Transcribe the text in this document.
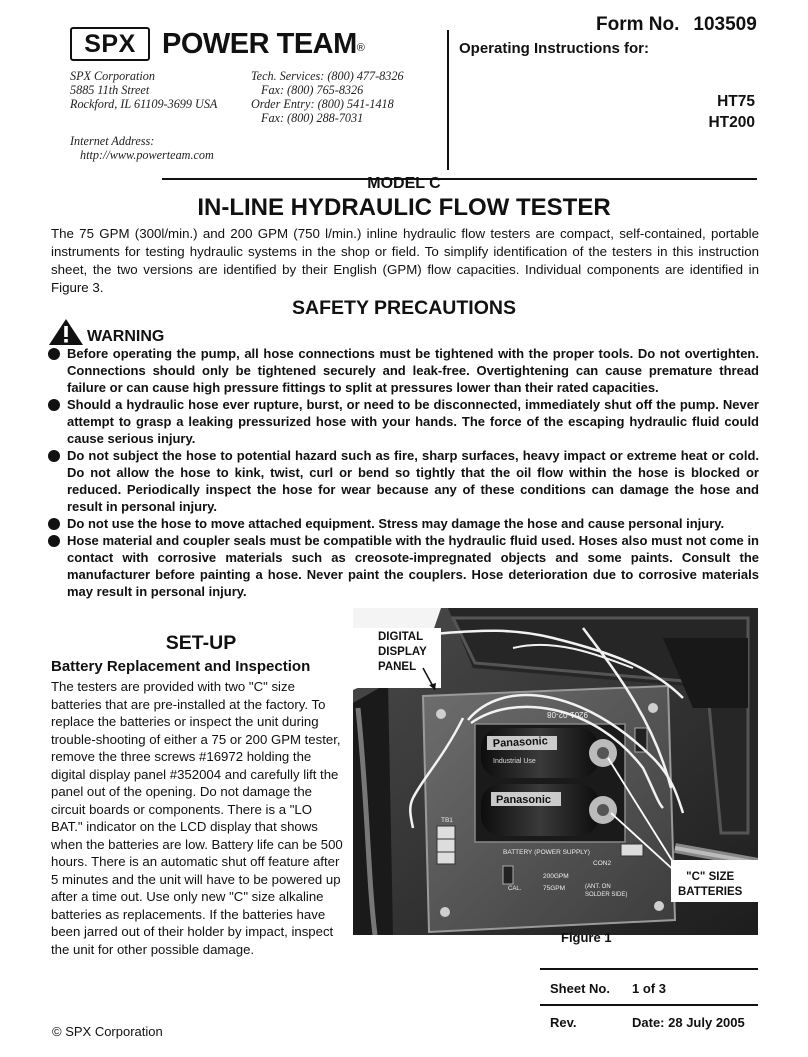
SPX POWER TEAM®
SPX Corporation
5885 11th Street
Rockford, IL 61109-3699 USA
Tech. Services: (800) 477-8326
Fax: (800) 765-8326
Order Entry: (800) 541-1418
Fax: (800) 288-7031
Internet Address:
http://www.powerteam.com
Form No. 103509
Operating Instructions for:
HT75
HT200
MODEL C
IN-LINE HYDRAULIC FLOW TESTER
The 75 GPM (300l/min.) and 200 GPM (750 l/min.) inline hydraulic flow testers are compact, self-contained, portable instruments for testing hydraulic systems in the shop or field. To simplify identification of the testers in this instruction sheet, the two versions are identified by their English (GPM) flow capacities. Individual components are identified in Figure 3.
SAFETY PRECAUTIONS
WARNING
Before operating the pump, all hose connections must be tightened with the proper tools. Do not overtighten. Connections should only be tightened securely and leak-free. Overtightening can cause premature thread failure or can cause high pressure fittings to split at pressures lower than their rated capacities.
Should a hydraulic hose ever rupture, burst, or need to be disconnected, immediately shut off the pump. Never attempt to grasp a leaking pressurized hose with your hands. The force of the escaping hydraulic fluid could cause serious injury.
Do not subject the hose to potential hazard such as fire, sharp surfaces, heavy impact or extreme heat or cold. Do not allow the hose to kink, twist, curl or bend so tightly that the oil flow within the hose is blocked or reduced. Periodically inspect the hose for wear because any of these conditions can damage the hose and result in personal injury.
Do not use the hose to move attached equipment. Stress may damage the hose and cause personal injury.
Hose material and coupler seals must be compatible with the hydraulic fluid used. Hoses also must not come in contact with corrosive materials such as creosote-impregnated objects and some paints. Consult the manufacturer before painting a hose. Never paint the couplers. Hose deterioration due to corrosive materials may result in personal injury.
SET-UP
Battery Replacement and Inspection
The testers are provided with two "C" size batteries that are pre-installed at the factory. To replace the batteries or inspect the unit during trouble-shooting of either a 75 or 200 GPM tester, remove the three screws #16972 holding the digital display panel #352004 and carefully lift the panel out of the opening. Do not damage the circuit boards or components. There is a "LO BAT." indicator on the LCD display that shows when the batteries are low. Battery life can be 500 hours. There is an automatic shut off feature after 5 minutes and the unit will have to be powered up after a time out. Use only new "C" size alkaline batteries as replacements. If the batteries have been jarred out of their holder by impact, inspect the unit for other possible damage.
Panasonic
Industrial Use
Panasonic
BATTERY (POWER SUPPLY)
9201-02-08
200GPM
75GPM
CON2
TB1
CAL.	(ANT. ON
SOLDER SIDE)
DIGITAL
DISPLAY
PANEL
"C" SIZE
BATTERIES
Figure 1
Sheet No. 1 of 3
Rev.	Date: 28 July 2005
© SPX Corporation
